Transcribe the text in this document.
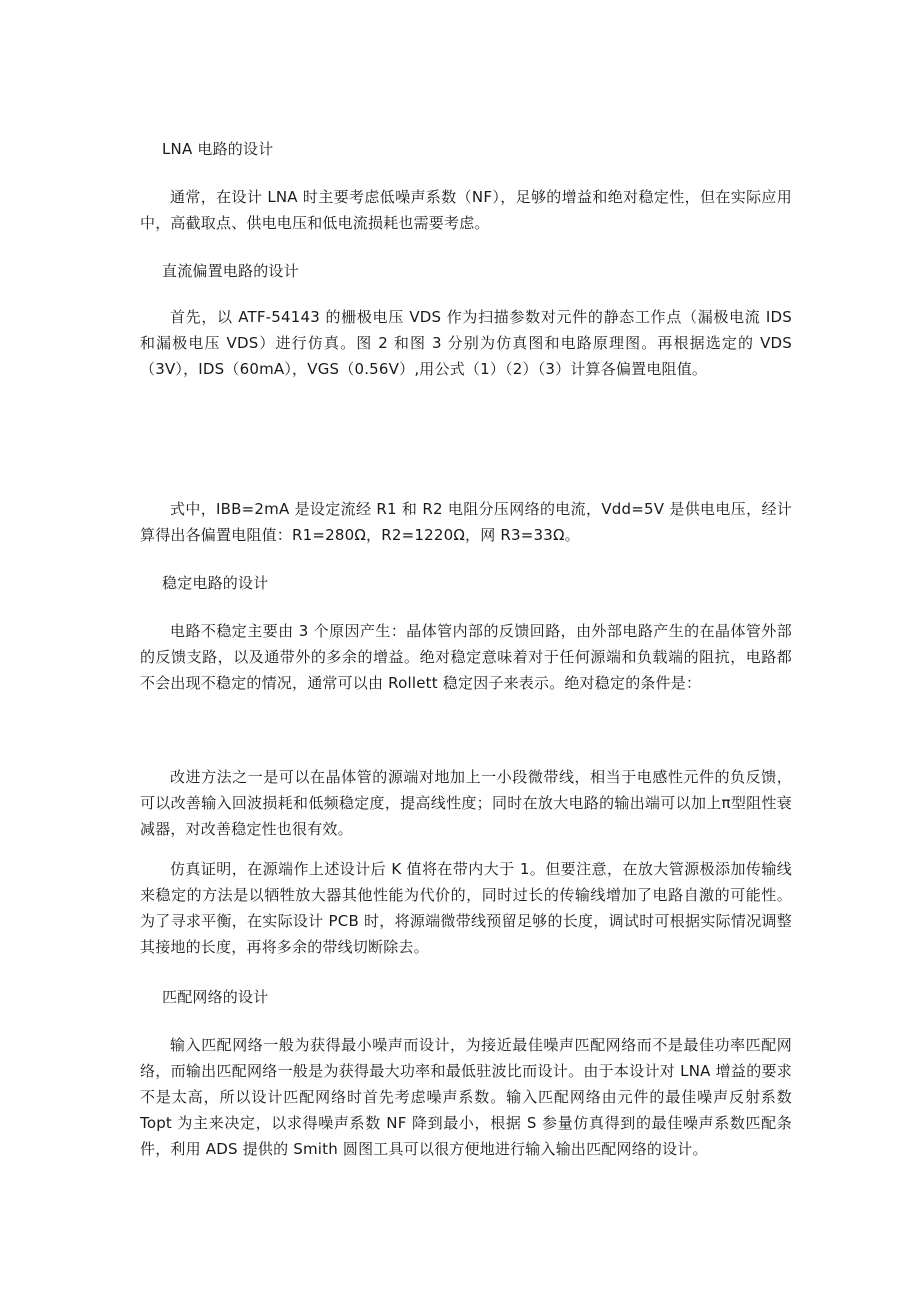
LNA 电路的设计

通常，在设计 LNA 时主要考虑低噪声系数（NF），足够的增益和绝对稳定性，但在实际应用中，高截取点、供电电压和低电流损耗也需要考虑。

直流偏置电路的设计

首先，以 ATF-54143 的栅极电压 VDS 作为扫描参数对元件的静态工作点（漏极电流 IDS 和漏极电压 VDS）进行仿真。图 2 和图 3 分别为仿真图和电路原理图。再根据选定的 VDS（3V），IDS（60mA），VGS（0.56V）,用公式（1）（2）（3）计算各偏置电阻值。

式中，IBB=2mA 是设定流经 R1 和 R2 电阻分压网络的电流，Vdd=5V 是供电电压，经计算得出各偏置电阻值：R1=280Ω，R2=1220Ω，网 R3=33Ω。

稳定电路的设计

电路不稳定主要由 3 个原因产生：晶体管内部的反馈回路，由外部电路产生的在晶体管外部的反馈支路，以及通带外的多余的增益。绝对稳定意味着对于任何源端和负载端的阻抗，电路都不会出现不稳定的情况，通常可以由 Rollett 稳定因子来表示。绝对稳定的条件是：

改进方法之一是可以在晶体管的源端对地加上一小段微带线，相当于电感性元件的负反馈，可以改善输入回波损耗和低频稳定度，提高线性度；同时在放大电路的输出端可以加上π型阻性衰减器，对改善稳定性也很有效。

仿真证明，在源端作上述设计后 K 值将在带内大于 1。但要注意，在放大管源极添加传输线来稳定的方法是以牺牲放大器其他性能为代价的，同时过长的传输线增加了电路自激的可能性。为了寻求平衡，在实际设计 PCB 时，将源端微带线预留足够的长度，调试时可根据实际情况调整其接地的长度，再将多余的带线切断除去。

匹配网络的设计

输入匹配网络一般为获得最小噪声而设计，为接近最佳噪声匹配网络而不是最佳功率匹配网络，而输出匹配网络一般是为获得最大功率和最低驻波比而设计。由于本设计对 LNA 增益的要求不是太高，所以设计匹配网络时首先考虑噪声系数。输入匹配网络由元件的最佳噪声反射系数 Topt 为主来决定，以求得噪声系数 NF 降到最小，根据 S 参量仿真得到的最佳噪声系数匹配条件，利用 ADS 提供的 Smith 圆图工具可以很方便地进行输入输出匹配网络的设计。
